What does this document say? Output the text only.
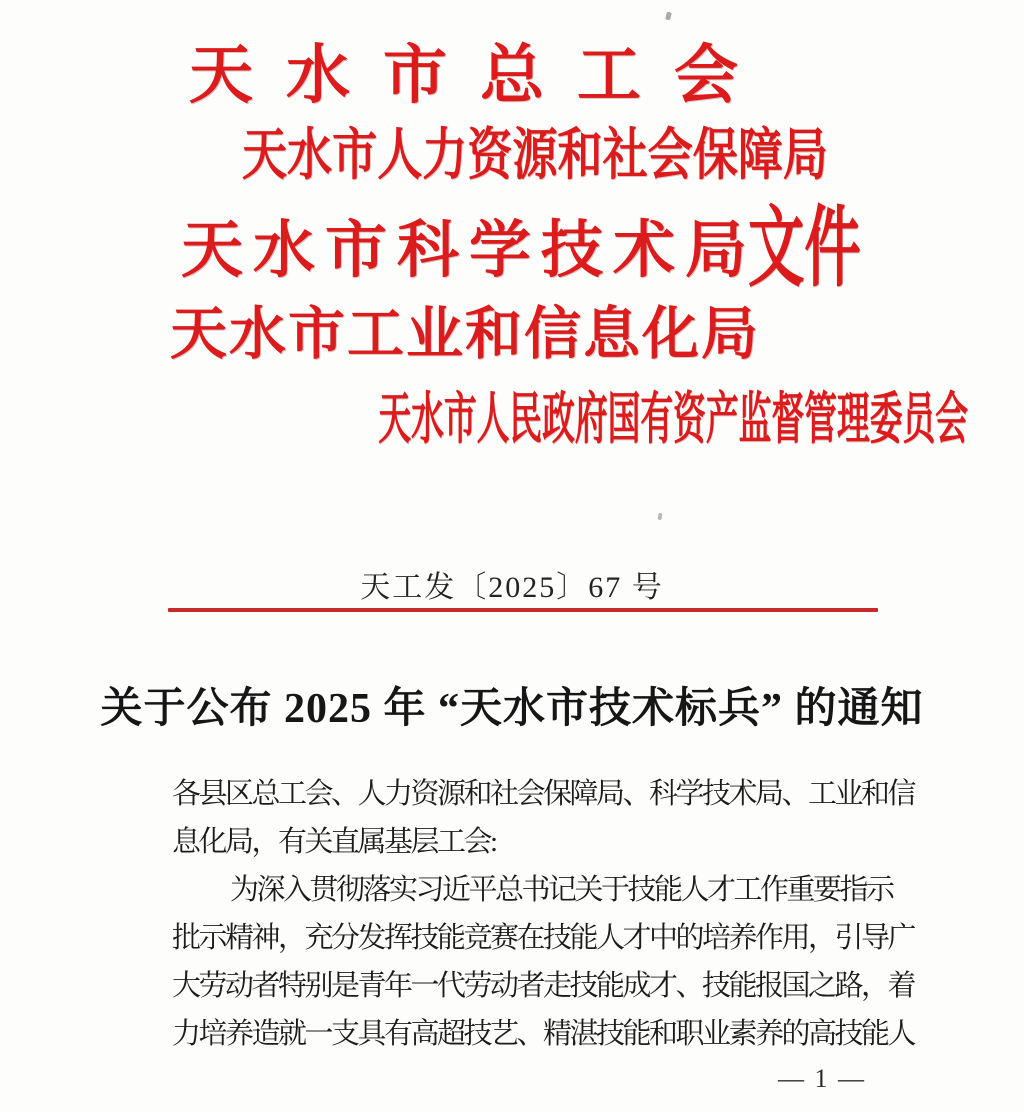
天水市总工会
天水市人力资源和社会保障局
天水市科学技术局
天水市工业和信息化局
天水市人民政府国有资产监督管理委员会
文件
天工发〔2025〕67 号
关于公布 2025 年 “天水市技术标兵” 的通知
各县区总工会、人力资源和社会保障局、科学技术局、工业和信
息化局，有关直属基层工会:
为深入贯彻落实习近平总书记关于技能人才工作重要指示
批示精神，充分发挥技能竞赛在技能人才中的培养作用，引导广
大劳动者特别是青年一代劳动者走技能成才、技能报国之路，着
力培养造就一支具有高超技艺、精湛技能和职业素养的高技能人
— 1 —
